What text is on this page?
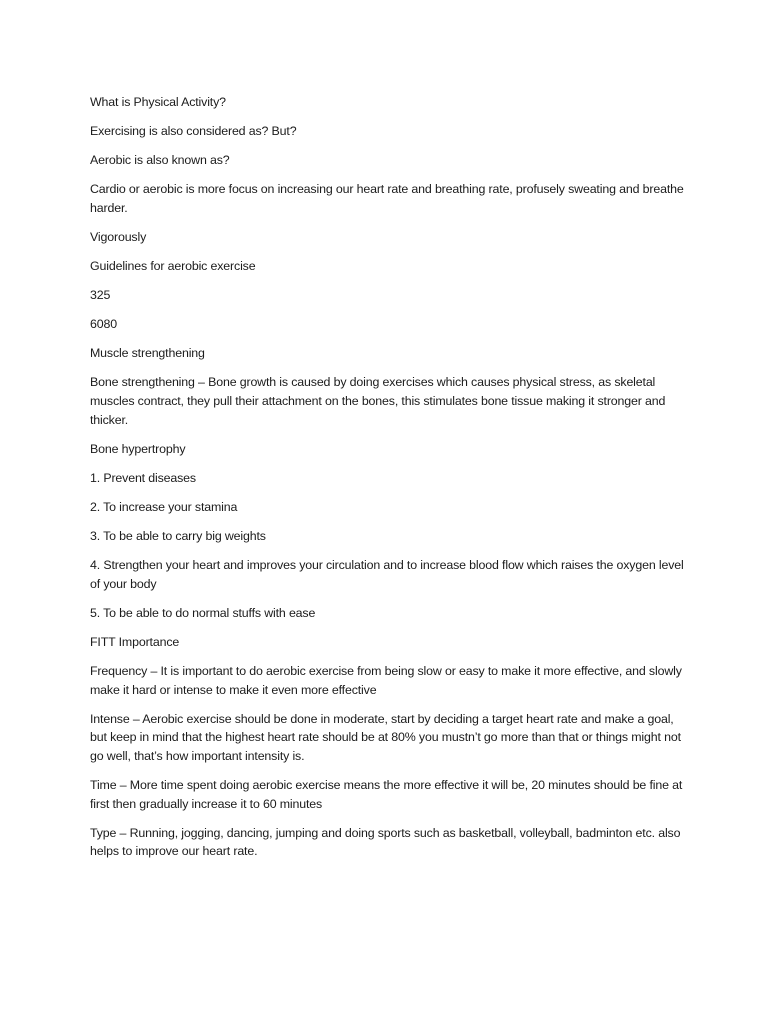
What is Physical Activity?

Exercising is also considered as? But?

Aerobic is also known as?

Cardio or aerobic is more focus on increasing our heart rate and breathing rate, profusely sweating and breathe harder.

Vigorously

Guidelines for aerobic exercise

325

6080

Muscle strengthening

Bone strengthening – Bone growth is caused by doing exercises which causes physical stress, as skeletal muscles contract, they pull their attachment on the bones, this stimulates bone tissue making it stronger and thicker.

Bone hypertrophy

1. Prevent diseases

2. To increase your stamina

3. To be able to carry big weights

4. Strengthen your heart and improves your circulation and to increase blood flow which raises the oxygen level of your body

5. To be able to do normal stuffs with ease

FITT Importance

Frequency – It is important to do aerobic exercise from being slow or easy to make it more effective, and slowly make it hard or intense to make it even more effective

Intense – Aerobic exercise should be done in moderate, start by deciding a target heart rate and make a goal, but keep in mind that the highest heart rate should be at 80% you mustn’t go more than that or things might not go well, that’s how important intensity is.

Time – More time spent doing aerobic exercise means the more effective it will be, 20 minutes should be fine at first then gradually increase it to 60 minutes

Type – Running, jogging, dancing, jumping and doing sports such as basketball, volleyball, badminton etc. also helps to improve our heart rate.
